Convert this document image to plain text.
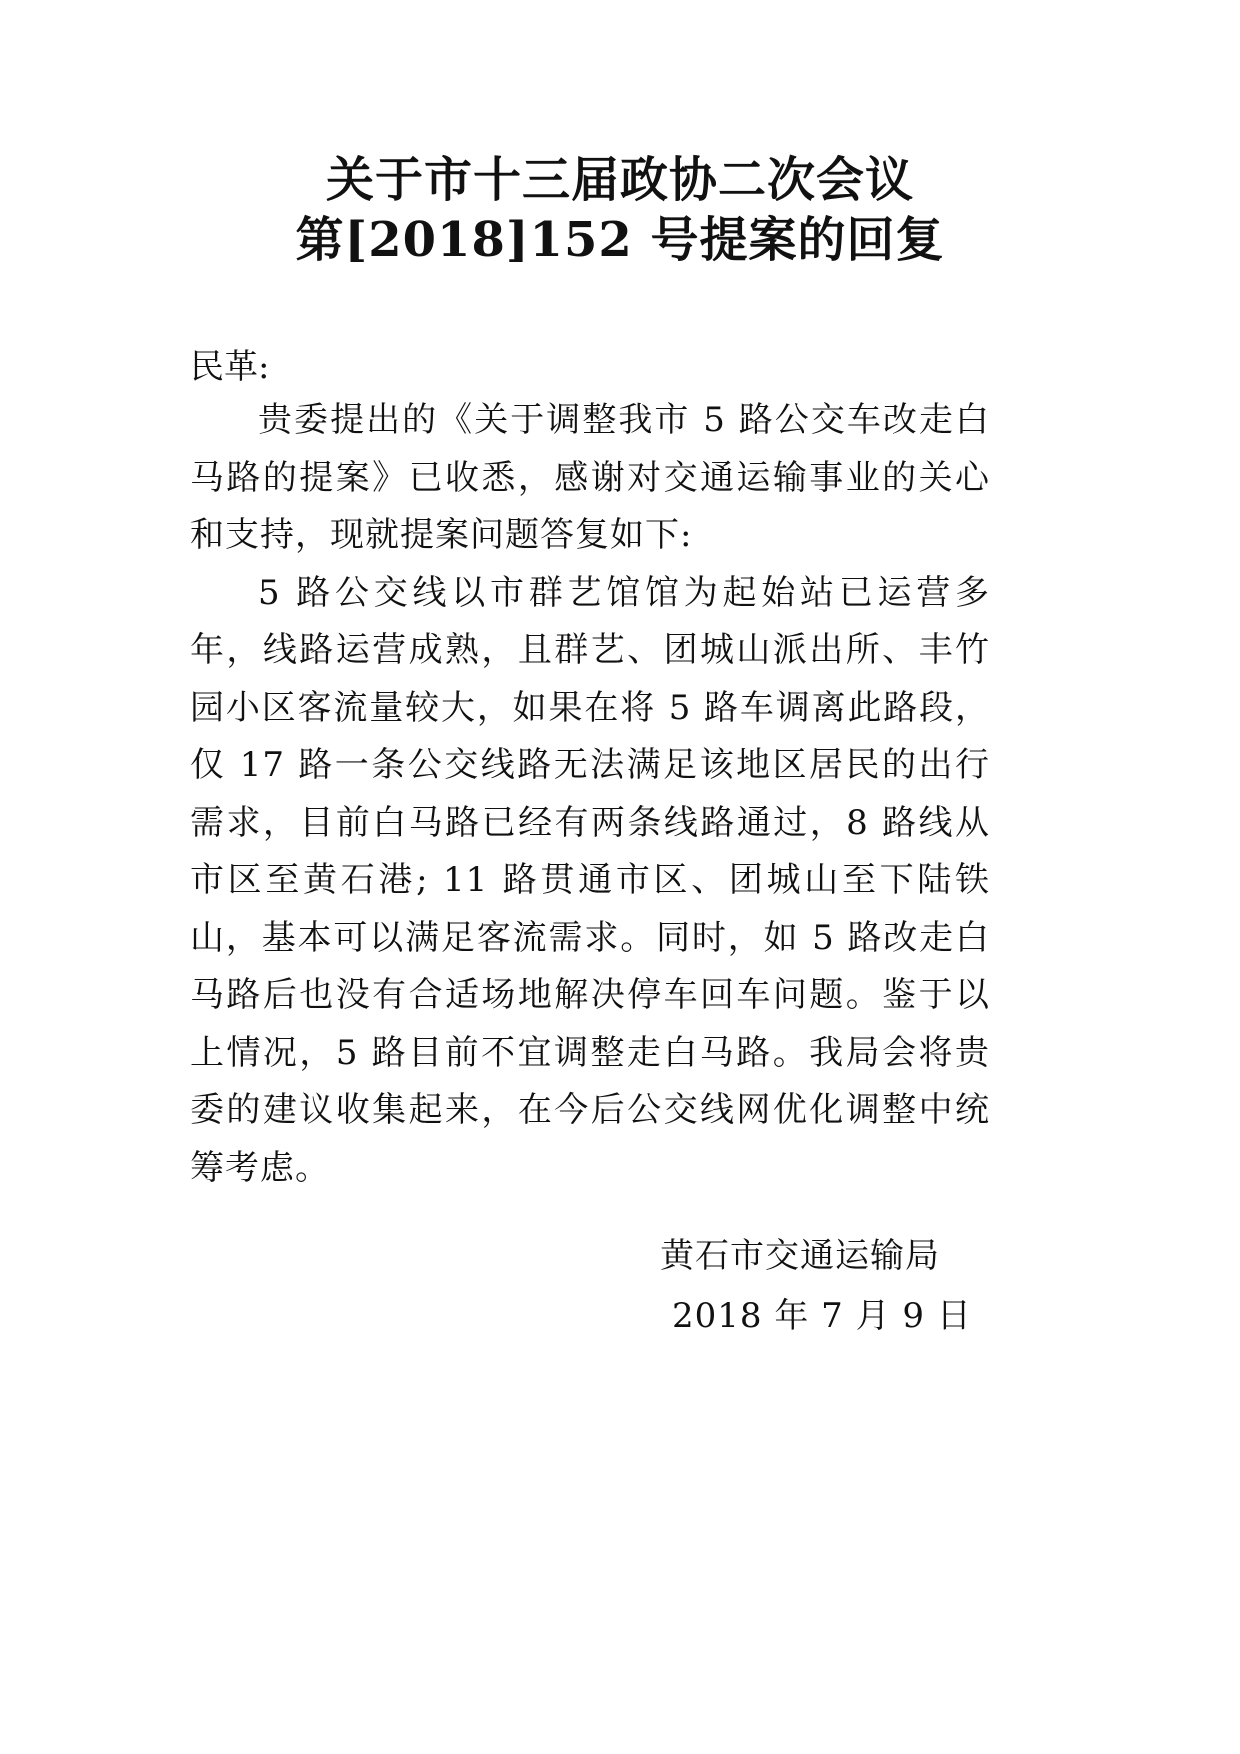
关于市十三届政协二次会议
第[2018]152 号提案的回复
民革:

贵委提出的《关于调整我市 5 路公交车改走白马路的提案》已收悉，感谢对交通运输事业的关心和支持，现就提案问题答复如下:

5 路公交线以市群艺馆馆为起始站已运营多年，线路运营成熟，且群艺、团城山派出所、丰竹园小区客流量较大，如果在将 5 路车调离此路段，仅 17 路一条公交线路无法满足该地区居民的出行需求，目前白马路已经有两条线路通过，8 路线从市区至黄石港; 11 路贯通市区、团城山至下陆铁山，基本可以满足客流需求。同时，如 5 路改走白马路后也没有合适场地解决停车回车问题。鉴于以上情况，5 路目前不宜调整走白马路。我局会将贵委的建议收集起来，在今后公交线网优化调整中统筹考虑。

黄石市交通运输局
2018 年 7 月 9 日
